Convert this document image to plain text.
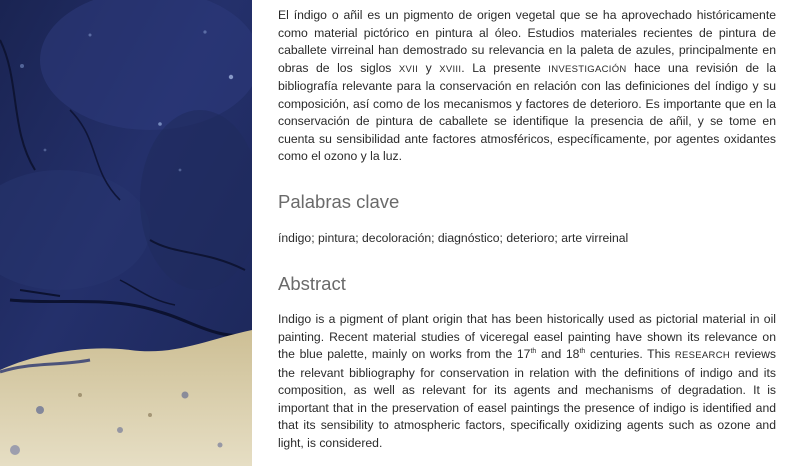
El índigo o añil es un pigmento de origen vegetal que se ha aprovechado históricamente como material pictórico en pintura al óleo. Estudios materiales recientes de pintura de caballete virreinal han demostrado su relevancia en la paleta de azules, principalmente en obras de los siglos XVII y XVIII. La presente INVESTIGACIÓN hace una revisión de la bibliografía relevante para la conservación en relación con las definiciones del índigo y su composición, así como de los mecanismos y factores de deterioro. Es importante que en la conservación de pintura de caballete se identifique la presencia de añil, y se tome en cuenta su sensibilidad ante factores atmosféricos, específicamente, por agentes oxidantes como el ozono y la luz.

Palabras clave

índigo; pintura; decoloración; diagnóstico; deterioro; arte virreinal

Abstract

Indigo is a pigment of plant origin that has been historically used as pictorial material in oil painting. Recent material studies of viceregal easel painting have shown its relevance on the blue palette, mainly on works from the 17th and 18th centuries. This RESEARCH reviews the relevant bibliography for conservation in relation with the definitions of indigo and its composition, as well as relevant for its agents and mechanisms of degradation. It is important that in the preservation of easel paintings the presence of indigo is identified and that its sensibility to atmospheric factors, specifically oxidizing agents such as ozone and light, is considered.
